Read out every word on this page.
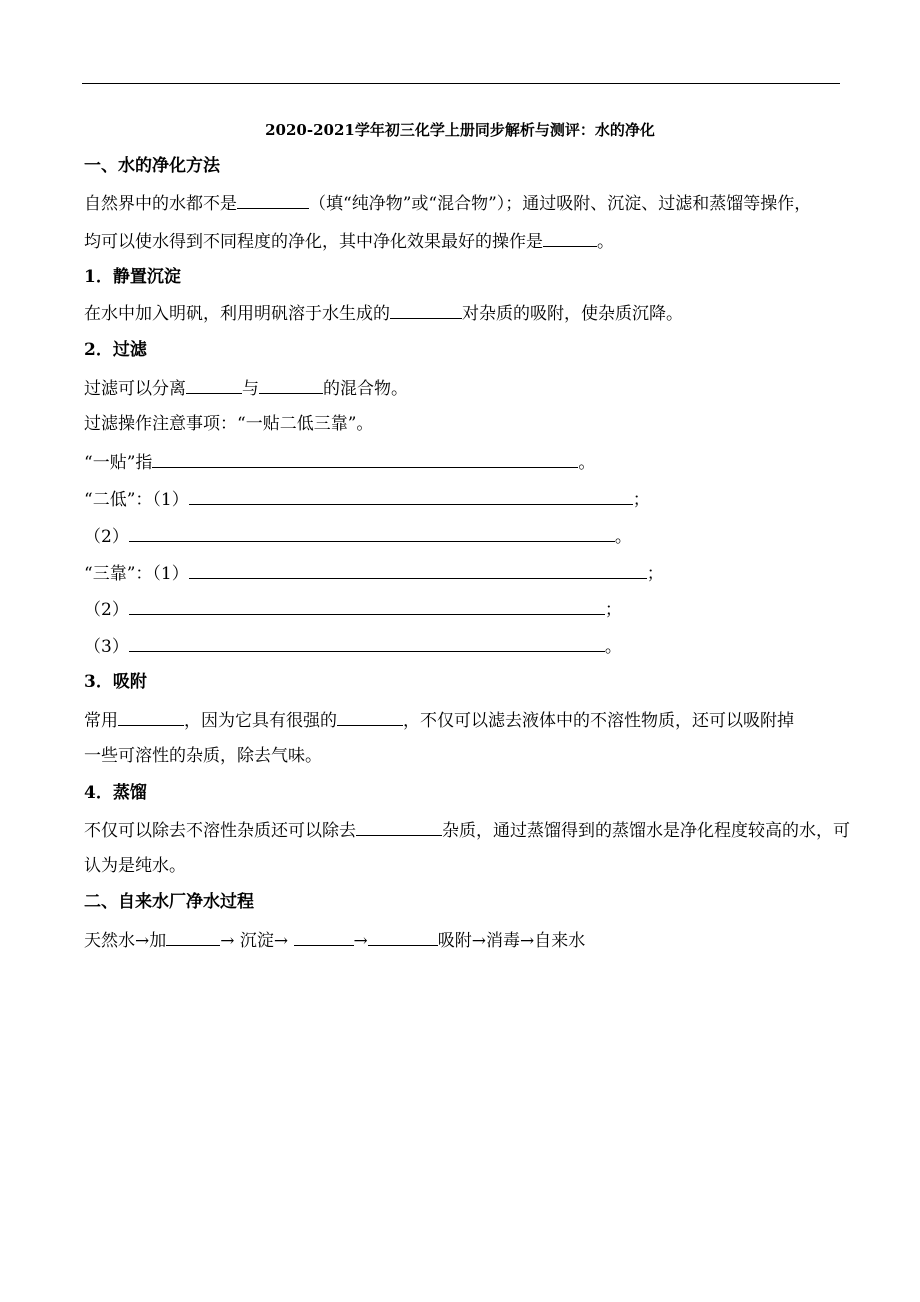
2020-2021学年初三化学上册同步解析与测评：水的净化
一、水的净化方法
自然界中的水都不是	（填“纯净物”或“混合物”）；通过吸附、沉淀、过滤和蒸馏等操作，
均可以使水得到不同程度的净化，其中净化效果最好的操作是	。
1．静置沉淀
在水中加入明矾，利用明矾溶于水生成的	对杂质的吸附，使杂质沉降。
2．过滤
过滤可以分离	与	的混合物。
过滤操作注意事项：“一贴二低三靠”。
“一贴”指	。
“二低”：（1）	；
（2）	。
“三靠”：（1）	；
（2）	；
（3）	。
3．吸附
常用	，因为它具有很强的	，不仅可以滤去液体中的不溶性物质，还可以吸附掉
一些可溶性的杂质，除去气味。
4．蒸馏
不仅可以除去不溶性杂质还可以除去	杂质，通过蒸馏得到的蒸馏水是净化程度较高的水，可
认为是纯水。
二、自来水厂净水过程
天然水→加	→ 沉淀→	→	吸附→消毒→自来水
